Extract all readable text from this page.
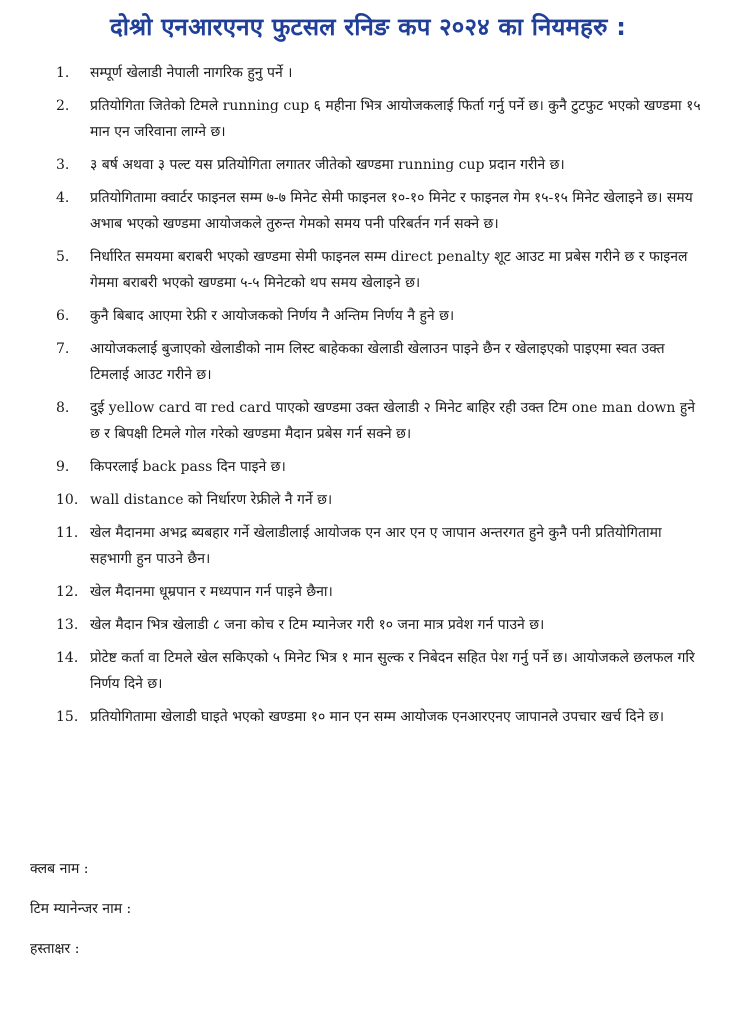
दोश्रो एनआरएनए फुटसल रनिङ कप २०२४ का नियमहरु :
1.	सम्पूर्ण खेलाडी नेपाली नागरिक हुनु पर्ने ।
2.	प्रतियोगिता जितेको टिमले running cup ६ महीना भित्र आयोजकलाई फिर्ता गर्नु पर्ने छ। कुनै टुटफुट भएको खण्डमा १५ मान एन जरिवाना लाग्ने छ।
3.	३ बर्ष अथवा ३ पल्ट यस प्रतियोगिता लगातर जीतेको खण्डमा running cup प्रदान गरीने छ।
4.	प्रतियोगितामा क्वार्टर फाइनल सम्म ७-७ मिनेट सेमी फाइनल १०-१० मिनेट र फाइनल गेम १५-१५ मिनेट खेलाइने छ। समय अभाब भएको खण्डमा आयोजकले तुरुन्त गेमको समय पनी परिबर्तन गर्न सक्ने छ।
5.	निर्धारित समयमा बराबरी भएको खण्डमा सेमी फाइनल सम्म direct penalty शूट आउट मा प्रबेस गरीने छ र फाइनल गेममा बराबरी भएको खण्डमा ५-५ मिनेटको थप समय खेलाइने छ।
6.	कुनै बिबाद आएमा रेफ्री र आयोजकको निर्णय नै अन्तिम निर्णय नै हुने छ।
7.	आयोजकलाई बुजाएको खेलाडीको नाम लिस्ट बाहेकका खेलाडी खेलाउन पाइने छैन र खेलाइएको पाइएमा स्वत उक्त टिमलाई आउट गरीने छ।
8.	दुई yellow card वा red card पाएको खण्डमा उक्त खेलाडी २ मिनेट बाहिर रही उक्त टिम one man down हुने छ र बिपक्षी टिमले गोल गरेको खण्डमा मैदान प्रबेस गर्न सक्ने छ।
9.	किपरलाई back pass दिन पाइने छ।
10. wall distance को निर्धारण रेफ्रीले नै गर्ने छ।
11. खेल मैदानमा अभद्र ब्यबहार गर्ने खेलाडीलाई आयोजक एन आर एन ए जापान अन्तरगत हुने कुनै पनी प्रतियोगितामा सहभागी हुन पाउने छैन।
12. खेल मैदानमा धूम्रपान र मध्यपान गर्न पाइने छैना।
13. खेल मैदान भित्र खेलाडी ८ जना कोच र टिम म्यानेजर गरी १० जना मात्र प्रवेश गर्न पाउने छ।
14. प्रोटेष्ट कर्ता वा टिमले खेल सकिएको ५ मिनेट भित्र १ मान सुल्क र निबेदन सहित पेश गर्नु पर्ने छ। आयोजकले छलफल गरि निर्णय दिने छ।
15. प्रतियोगितामा खेलाडी घाइते भएको खण्डमा १० मान एन सम्म आयोजक एनआरएनए जापानले उपचार खर्च दिने छ।
क्लब नाम :
टिम म्यानेन्जर नाम :
हस्ताक्षर :
